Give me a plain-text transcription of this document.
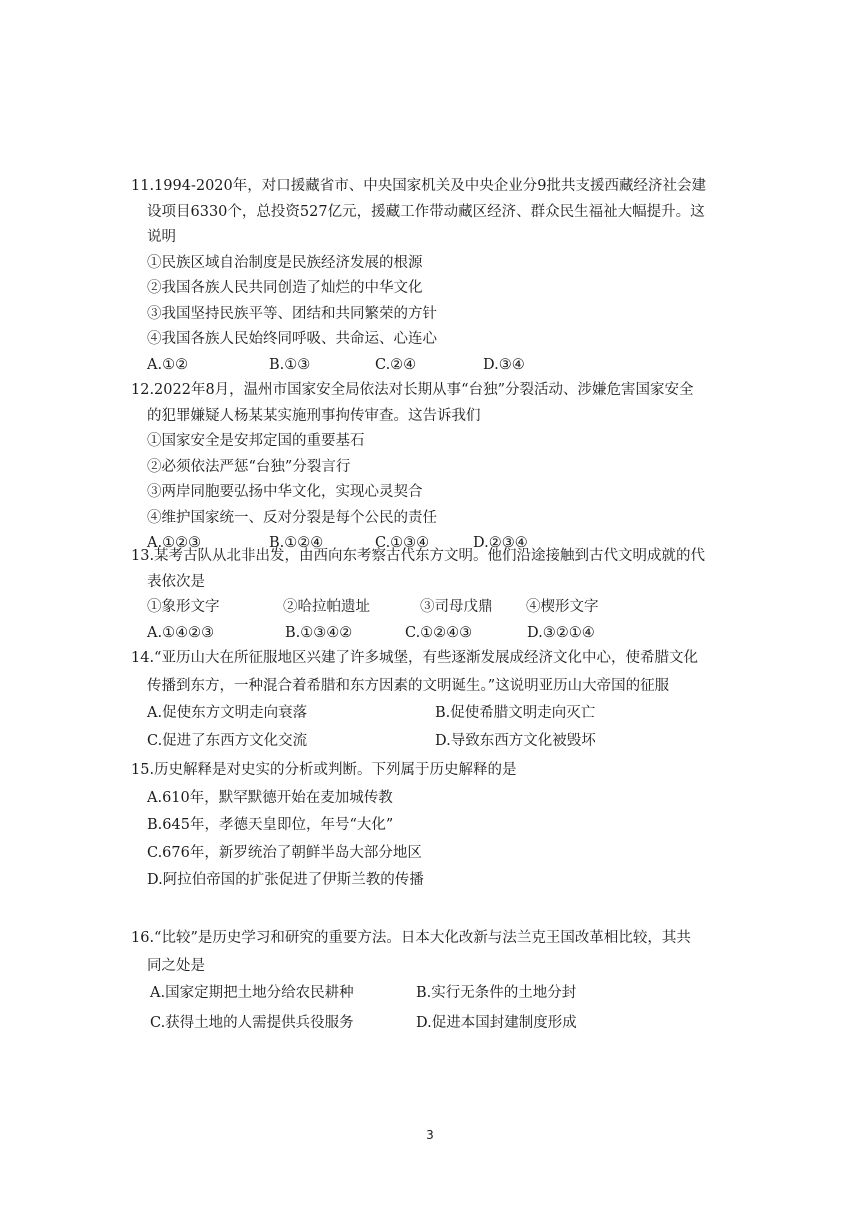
11.1994-2020年，对口援藏省市、中央国家机关及中央企业分9批共支援西藏经济社会建
设项目6330个，总投资527亿元，援藏工作带动藏区经济、群众民生福祉大幅提升。这
说明
①民族区域自治制度是民族经济发展的根源
②我国各族人民共同创造了灿烂的中华文化
③我国坚持民族平等、团结和共同繁荣的方针
④我国各族人民始终同呼吸、共命运、心连心
A.①②	B.①③	C.②④	D.③④
12.2022年8月，温州市国家安全局依法对长期从事“台独”分裂活动、涉嫌危害国家安全
的犯罪嫌疑人杨某某实施刑事拘传审查。这告诉我们
①国家安全是安邦定国的重要基石
②必须依法严惩“台独”分裂言行
③两岸同胞要弘扬中华文化，实现心灵契合
④维护国家统一、反对分裂是每个公民的责任
A.①②③	B.①②④	C.①③④	D.②③④
13.某考古队从北非出发，由西向东考察古代东方文明。他们沿途接触到古代文明成就的代
表依次是
①象形文字	②哈拉帕遗址	③司母戊鼎	④楔形文字
A.①④②③	B.①③④②	C.①②④③	D.③②①④
14.“亚历山大在所征服地区兴建了许多城堡，有些逐渐发展成经济文化中心，使希腊文化
传播到东方，一种混合着希腊和东方因素的文明诞生。”这说明亚历山大帝国的征服
A.促使东方文明走向衰落	B.促使希腊文明走向灭亡
C.促进了东西方文化交流	D.导致东西方文化被毁坏
15.历史解释是对史实的分析或判断。下列属于历史解释的是
A.610年，默罕默德开始在麦加城传教
B.645年，孝德天皇即位，年号“大化”
C.676年，新罗统治了朝鲜半岛大部分地区
D.阿拉伯帝国的扩张促进了伊斯兰教的传播
16.“比较”是历史学习和研究的重要方法。日本大化改新与法兰克王国改革相比较，其共
同之处是
A.国家定期把土地分给农民耕种	B.实行无条件的土地分封
C.获得土地的人需提供兵役服务	D.促进本国封建制度形成
3
